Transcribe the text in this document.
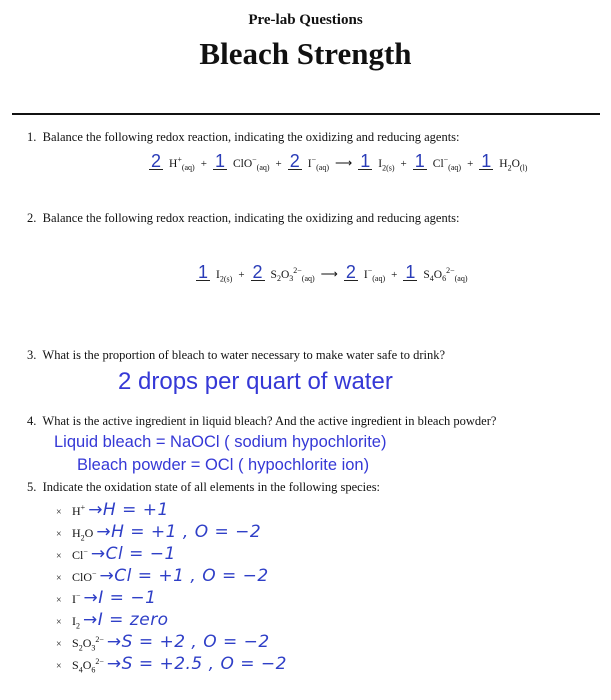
Pre-lab Questions
Bleach Strength
1. Balance the following redox reaction, indicating the oxidizing and reducing agents:
2 $H^+_{(aq)} + 1$ ClO−$_{(aq)}$ + 2 $I^-_{(aq)}$ ⟶ 1 $I_{2(s)} + 1$ $Cl^-_{(aq)} + 1$ $H_2O_{(l)}$
2. Balance the following redox reaction, indicating the oxidizing and reducing agents:
1 $I_{2(s)} + 2$ $S_2O_3^{2-}_{(aq)}$ ⟶ 2 $I^-_{(aq)} + 1$ $S_4O_6^{2-}_{(aq)}$
3. What is the proportion of bleach to water necessary to make water safe to drink?
2 drops per quart of water
4. What is the active ingredient in liquid bleach? And the active ingredient in bleach powder?
Liquid bleach = NaOCl ( sodium hypochlorite)
Bleach powder = OCl ( hypochlorite ion)
5. Indicate the oxidation state of all elements in the following species:
× H+ →H = +1
× $H_2O \to H = +1$ , O = −2
× Cl− →Cl = −1
× ClO− →Cl = +1 , O = −2
× I− →I = −1
× $I_2 \to I$ = zero
× $S_2O_3^{2-} \to S = +2$ , O = −2
× $S_4O_6^{2-} \to S = +2.5$ , O = −2
